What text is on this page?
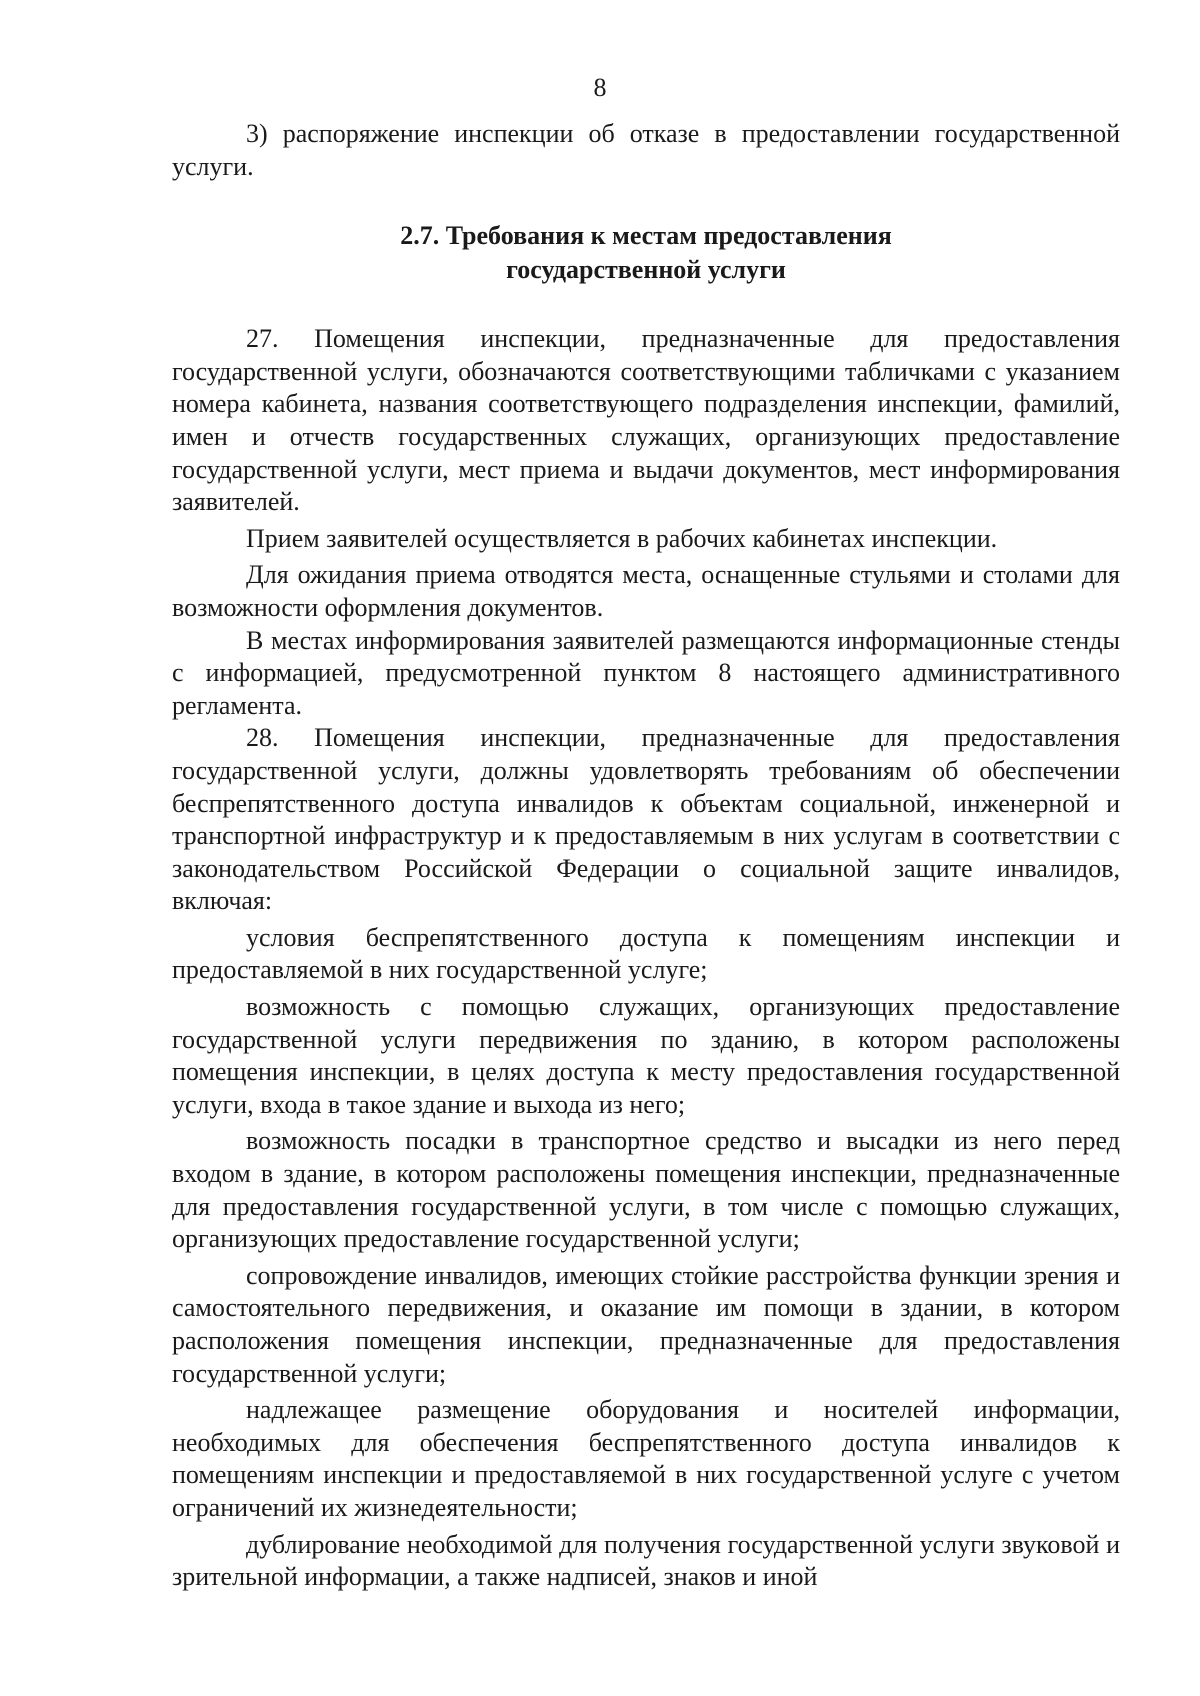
8

3) распоряжение инспекции об отказе в предоставлении государственной услуги.

2.7. Требования к местам предоставления
государственной услуги

27. Помещения инспекции, предназначенные для предоставления государственной услуги, обозначаются соответствующими табличками с указанием номера кабинета, названия соответствующего подразделения инспекции, фамилий, имен и отчеств государственных служащих, организующих предоставление государственной услуги, мест приема и выдачи документов, мест информирования заявителей.

Прием заявителей осуществляется в рабочих кабинетах инспекции.

Для ожидания приема отводятся места, оснащенные стульями и столами для возможности оформления документов.

В местах информирования заявителей размещаются информационные стенды с информацией, предусмотренной пунктом 8 настоящего административного регламента.

28. Помещения инспекции, предназначенные для предоставления государственной услуги, должны удовлетворять требованиям об обеспечении беспрепятственного доступа инвалидов к объектам социальной, инженерной и транспортной инфраструктур и к предоставляемым в них услугам в соответствии с законодательством Российской Федерации о социальной защите инвалидов, включая:

условия беспрепятственного доступа к помещениям инспекции и предоставляемой в них государственной услуге;

возможность с помощью служащих, организующих предоставление государственной услуги передвижения по зданию, в котором расположены помещения инспекции, в целях доступа к месту предоставления государственной услуги, входа в такое здание и выхода из него;

возможность посадки в транспортное средство и высадки из него перед входом в здание, в котором расположены помещения инспекции, предназначенные для предоставления государственной услуги, в том числе с помощью служащих, организующих предоставление государственной услуги;

сопровождение инвалидов, имеющих стойкие расстройства функции зрения и самостоятельного передвижения, и оказание им помощи в здании, в котором расположения помещения инспекции, предназначенные для предоставления государственной услуги;

надлежащее размещение оборудования и носителей информации, необходимых для обеспечения беспрепятственного доступа инвалидов к помещениям инспекции и предоставляемой в них государственной услуге с учетом ограничений их жизнедеятельности;

дублирование необходимой для получения государственной услуги звуковой и зрительной информации, а также надписей, знаков и иной
